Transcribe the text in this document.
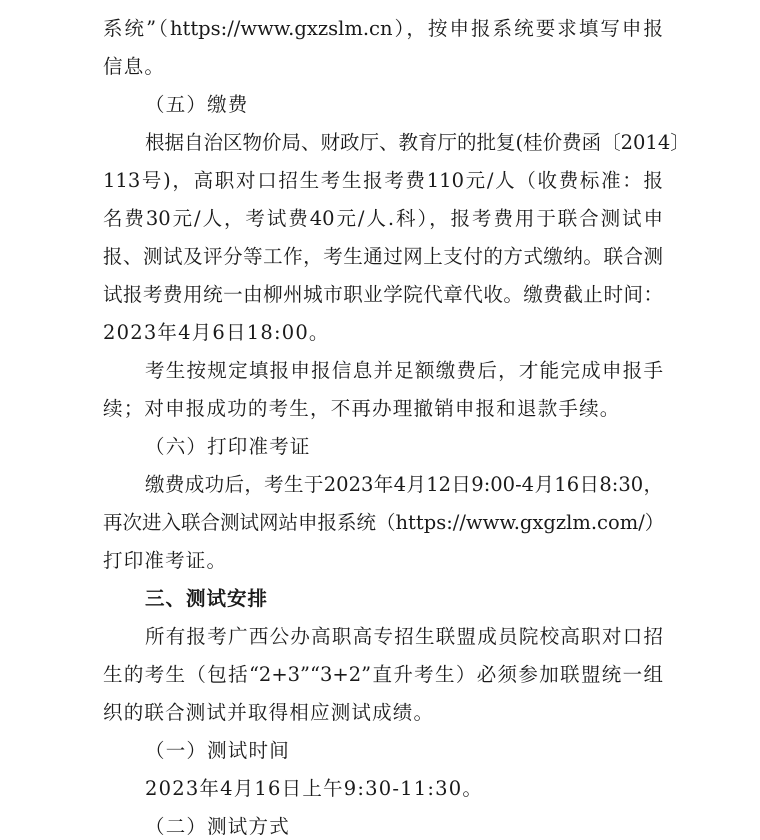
系统”（https://www.gxzslm.cn），按申报系统要求填写申报
信息。
（五）缴费
根据自治区物价局、财政厅、教育厅的批复(桂价费函〔2014〕
113号)，高职对口招生考生报考费110元/人（收费标准：报
名费30元/人，考试费40元/人.科），报考费用于联合测试申
报、测试及评分等工作，考生通过网上支付的方式缴纳。联合测
试报考费用统一由柳州城市职业学院代章代收。缴费截止时间：
2023年4月6日18:00。
考生按规定填报申报信息并足额缴费后，才能完成申报手
续；对申报成功的考生，不再办理撤销申报和退款手续。
（六）打印准考证
缴费成功后，考生于2023年4月12日9:00-4月16日8:30，
再次进入联合测试网站申报系统（https://www.gxgzlm.com/）
打印准考证。
三、测试安排
所有报考广西公办高职高专招生联盟成员院校高职对口招
生的考生（包括“2+3”“3+2”直升考生）必须参加联盟统一组
织的联合测试并取得相应测试成绩。
（一）测试时间
2023年4月16日上午9:30-11:30。
（二）测试方式
